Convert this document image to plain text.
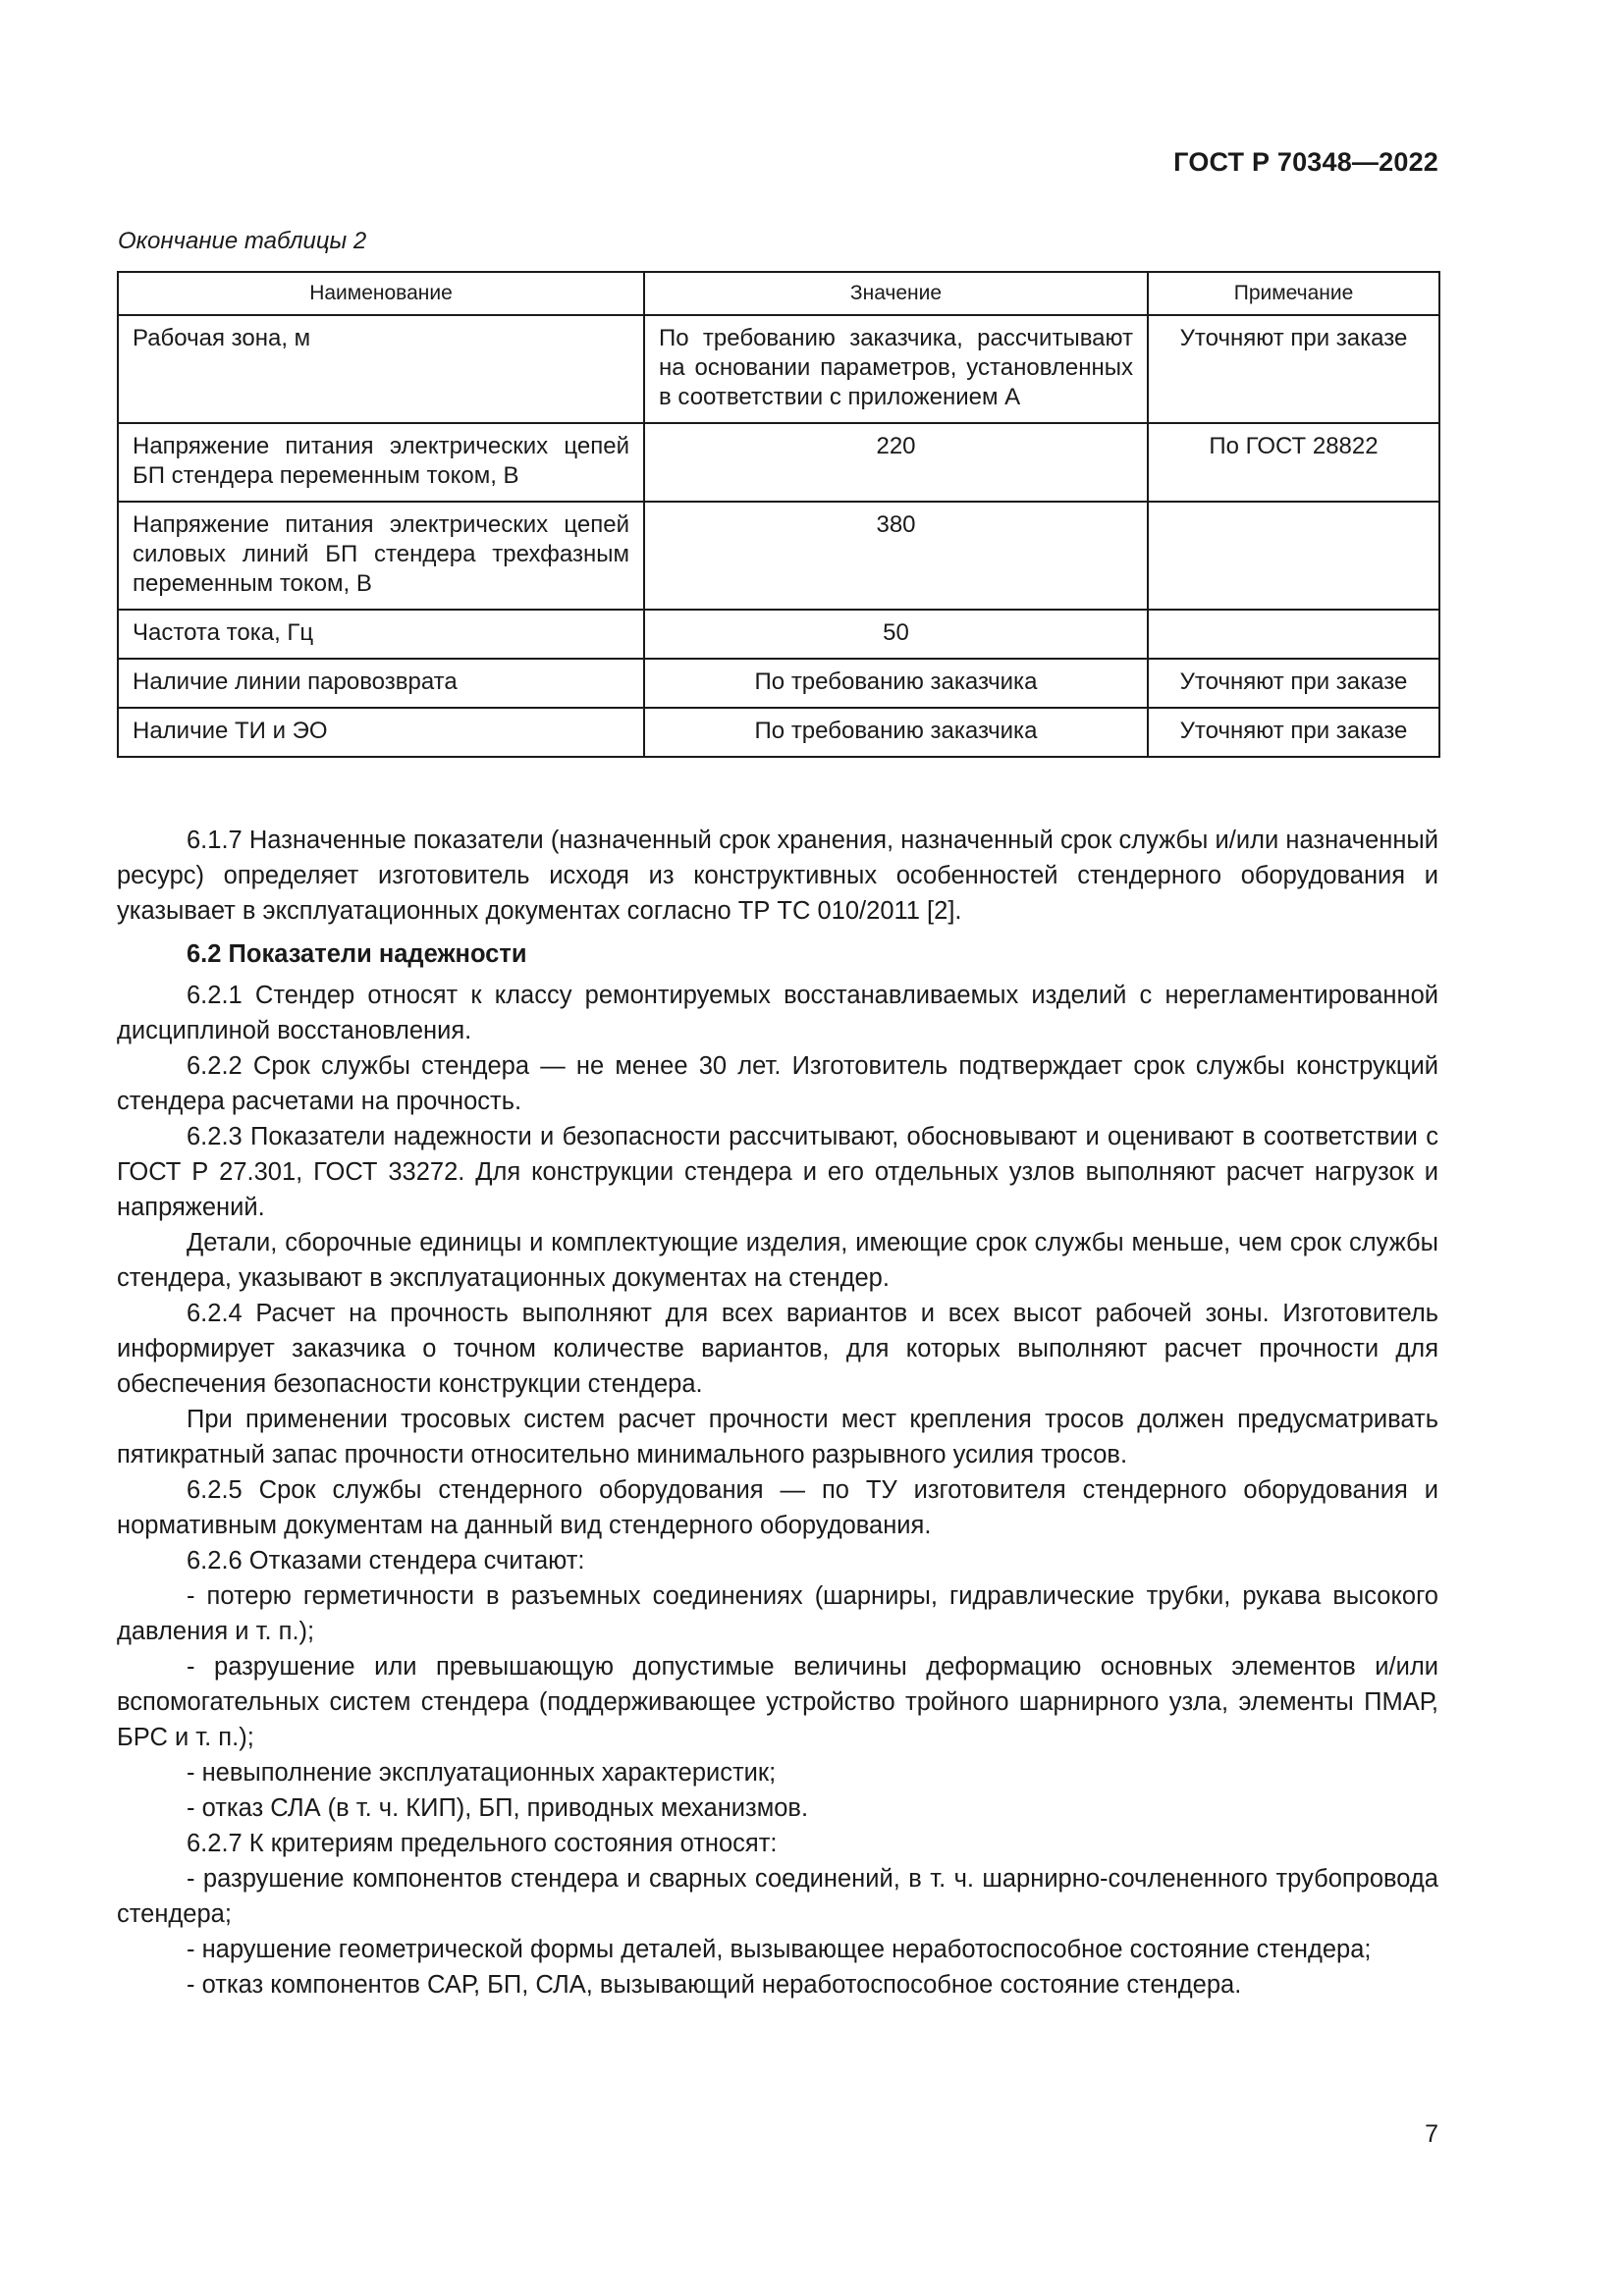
ГОСТ Р 70348—2022
Окончание таблицы 2
Наименование	Значение	Примечание
Рабочая зона, м	По требованию заказчика, рассчитывают на основании параметров, установленных в соответствии с приложением А	Уточняют при заказе
Напряжение питания электрических цепей БП стендера переменным током, В	220	По ГОСТ 28822
Напряжение питания электрических цепей силовых линий БП стендера трехфазным переменным током, В	380	
Частота тока, Гц	50	
Наличие линии паровозврата	По требованию заказчика	Уточняют при заказе
Наличие ТИ и ЭО	По требованию заказчика	Уточняют при заказе

6.1.7 Назначенные показатели (назначенный срок хранения, назначенный срок службы и/или назначенный ресурс) определяет изготовитель исходя из конструктивных особенностей стендерного оборудования и указывает в эксплуатационных документах согласно ТР ТС 010/2011 [2].

6.2 Показатели надежности

6.2.1 Стендер относят к классу ремонтируемых восстанавливаемых изделий с нерегламентированной дисциплиной восстановления.

6.2.2 Срок службы стендера — не менее 30 лет. Изготовитель подтверждает срок службы конструкций стендера расчетами на прочность.

6.2.3 Показатели надежности и безопасности рассчитывают, обосновывают и оценивают в соответствии с ГОСТ Р 27.301, ГОСТ 33272. Для конструкции стендера и его отдельных узлов выполняют расчет нагрузок и напряжений.

Детали, сборочные единицы и комплектующие изделия, имеющие срок службы меньше, чем срок службы стендера, указывают в эксплуатационных документах на стендер.

6.2.4 Расчет на прочность выполняют для всех вариантов и всех высот рабочей зоны. Изготовитель информирует заказчика о точном количестве вариантов, для которых выполняют расчет прочности для обеспечения безопасности конструкции стендера.

При применении тросовых систем расчет прочности мест крепления тросов должен предусматривать пятикратный запас прочности относительно минимального разрывного усилия тросов.

6.2.5 Срок службы стендерного оборудования — по ТУ изготовителя стендерного оборудования и нормативным документам на данный вид стендерного оборудования.

6.2.6 Отказами стендера считают:

- потерю герметичности в разъемных соединениях (шарниры, гидравлические трубки, рукава высокого давления и т. п.);

- разрушение или превышающую допустимые величины деформацию основных элементов и/или вспомогательных систем стендера (поддерживающее устройство тройного шарнирного узла, элементы ПМАР, БРС и т. п.);

- невыполнение эксплуатационных характеристик;

- отказ СЛА (в т. ч. КИП), БП, приводных механизмов.

6.2.7 К критериям предельного состояния относят:

- разрушение компонентов стендера и сварных соединений, в т. ч. шарнирно-сочлененного трубопровода стендера;

- нарушение геометрической формы деталей, вызывающее неработоспособное состояние стендера;

- отказ компонентов САР, БП, СЛА, вызывающий неработоспособное состояние стендера.

7
